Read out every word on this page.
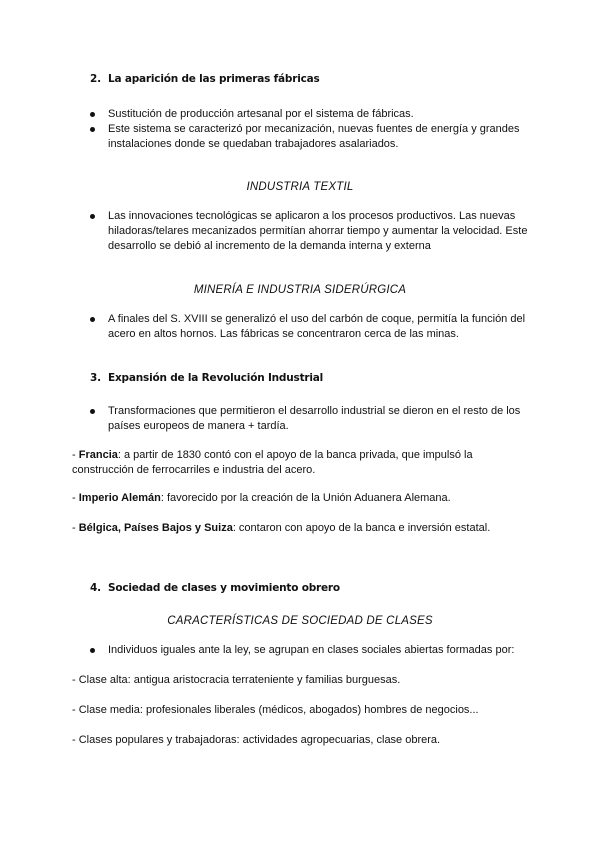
2. La aparición de las primeras fábricas
Sustitución de producción artesanal por el sistema de fábricas.
Este sistema se caracterizó por mecanización, nuevas fuentes de energía y grandes instalaciones donde se quedaban trabajadores asalariados.
INDUSTRIA TEXTIL
Las innovaciones tecnológicas se aplicaron a los procesos productivos. Las nuevas hiladoras/telares mecanizados permitían ahorrar tiempo y aumentar la velocidad. Este desarrollo se debió al incremento de la demanda interna y externa
MINERÍA E INDUSTRIA SIDERÚRGICA
A finales del S. XVIII se generalizó el uso del carbón de coque, permitía la función del acero en altos hornos. Las fábricas se concentraron cerca de las minas.
3. Expansión de la Revolución Industrial
Transformaciones que permitieron el desarrollo industrial se dieron en el resto de los países europeos de manera + tardía.
- Francia: a partir de 1830 contó con el apoyo de la banca privada, que impulsó la construcción de ferrocarriles e industria del acero.
- Imperio Alemán: favorecido por la creación de la Unión Aduanera Alemana.
- Bélgica, Países Bajos y Suiza: contaron con apoyo de la banca e inversión estatal.
4. Sociedad de clases y movimiento obrero
CARACTERÍSTICAS DE SOCIEDAD DE CLASES
Individuos iguales ante la ley, se agrupan en clases sociales abiertas formadas por:
- Clase alta: antigua aristocracia terrateniente y familias burguesas.
- Clase media: profesionales liberales (médicos, abogados) hombres de negocios...
- Clases populares y trabajadoras: actividades agropecuarias, clase obrera.
